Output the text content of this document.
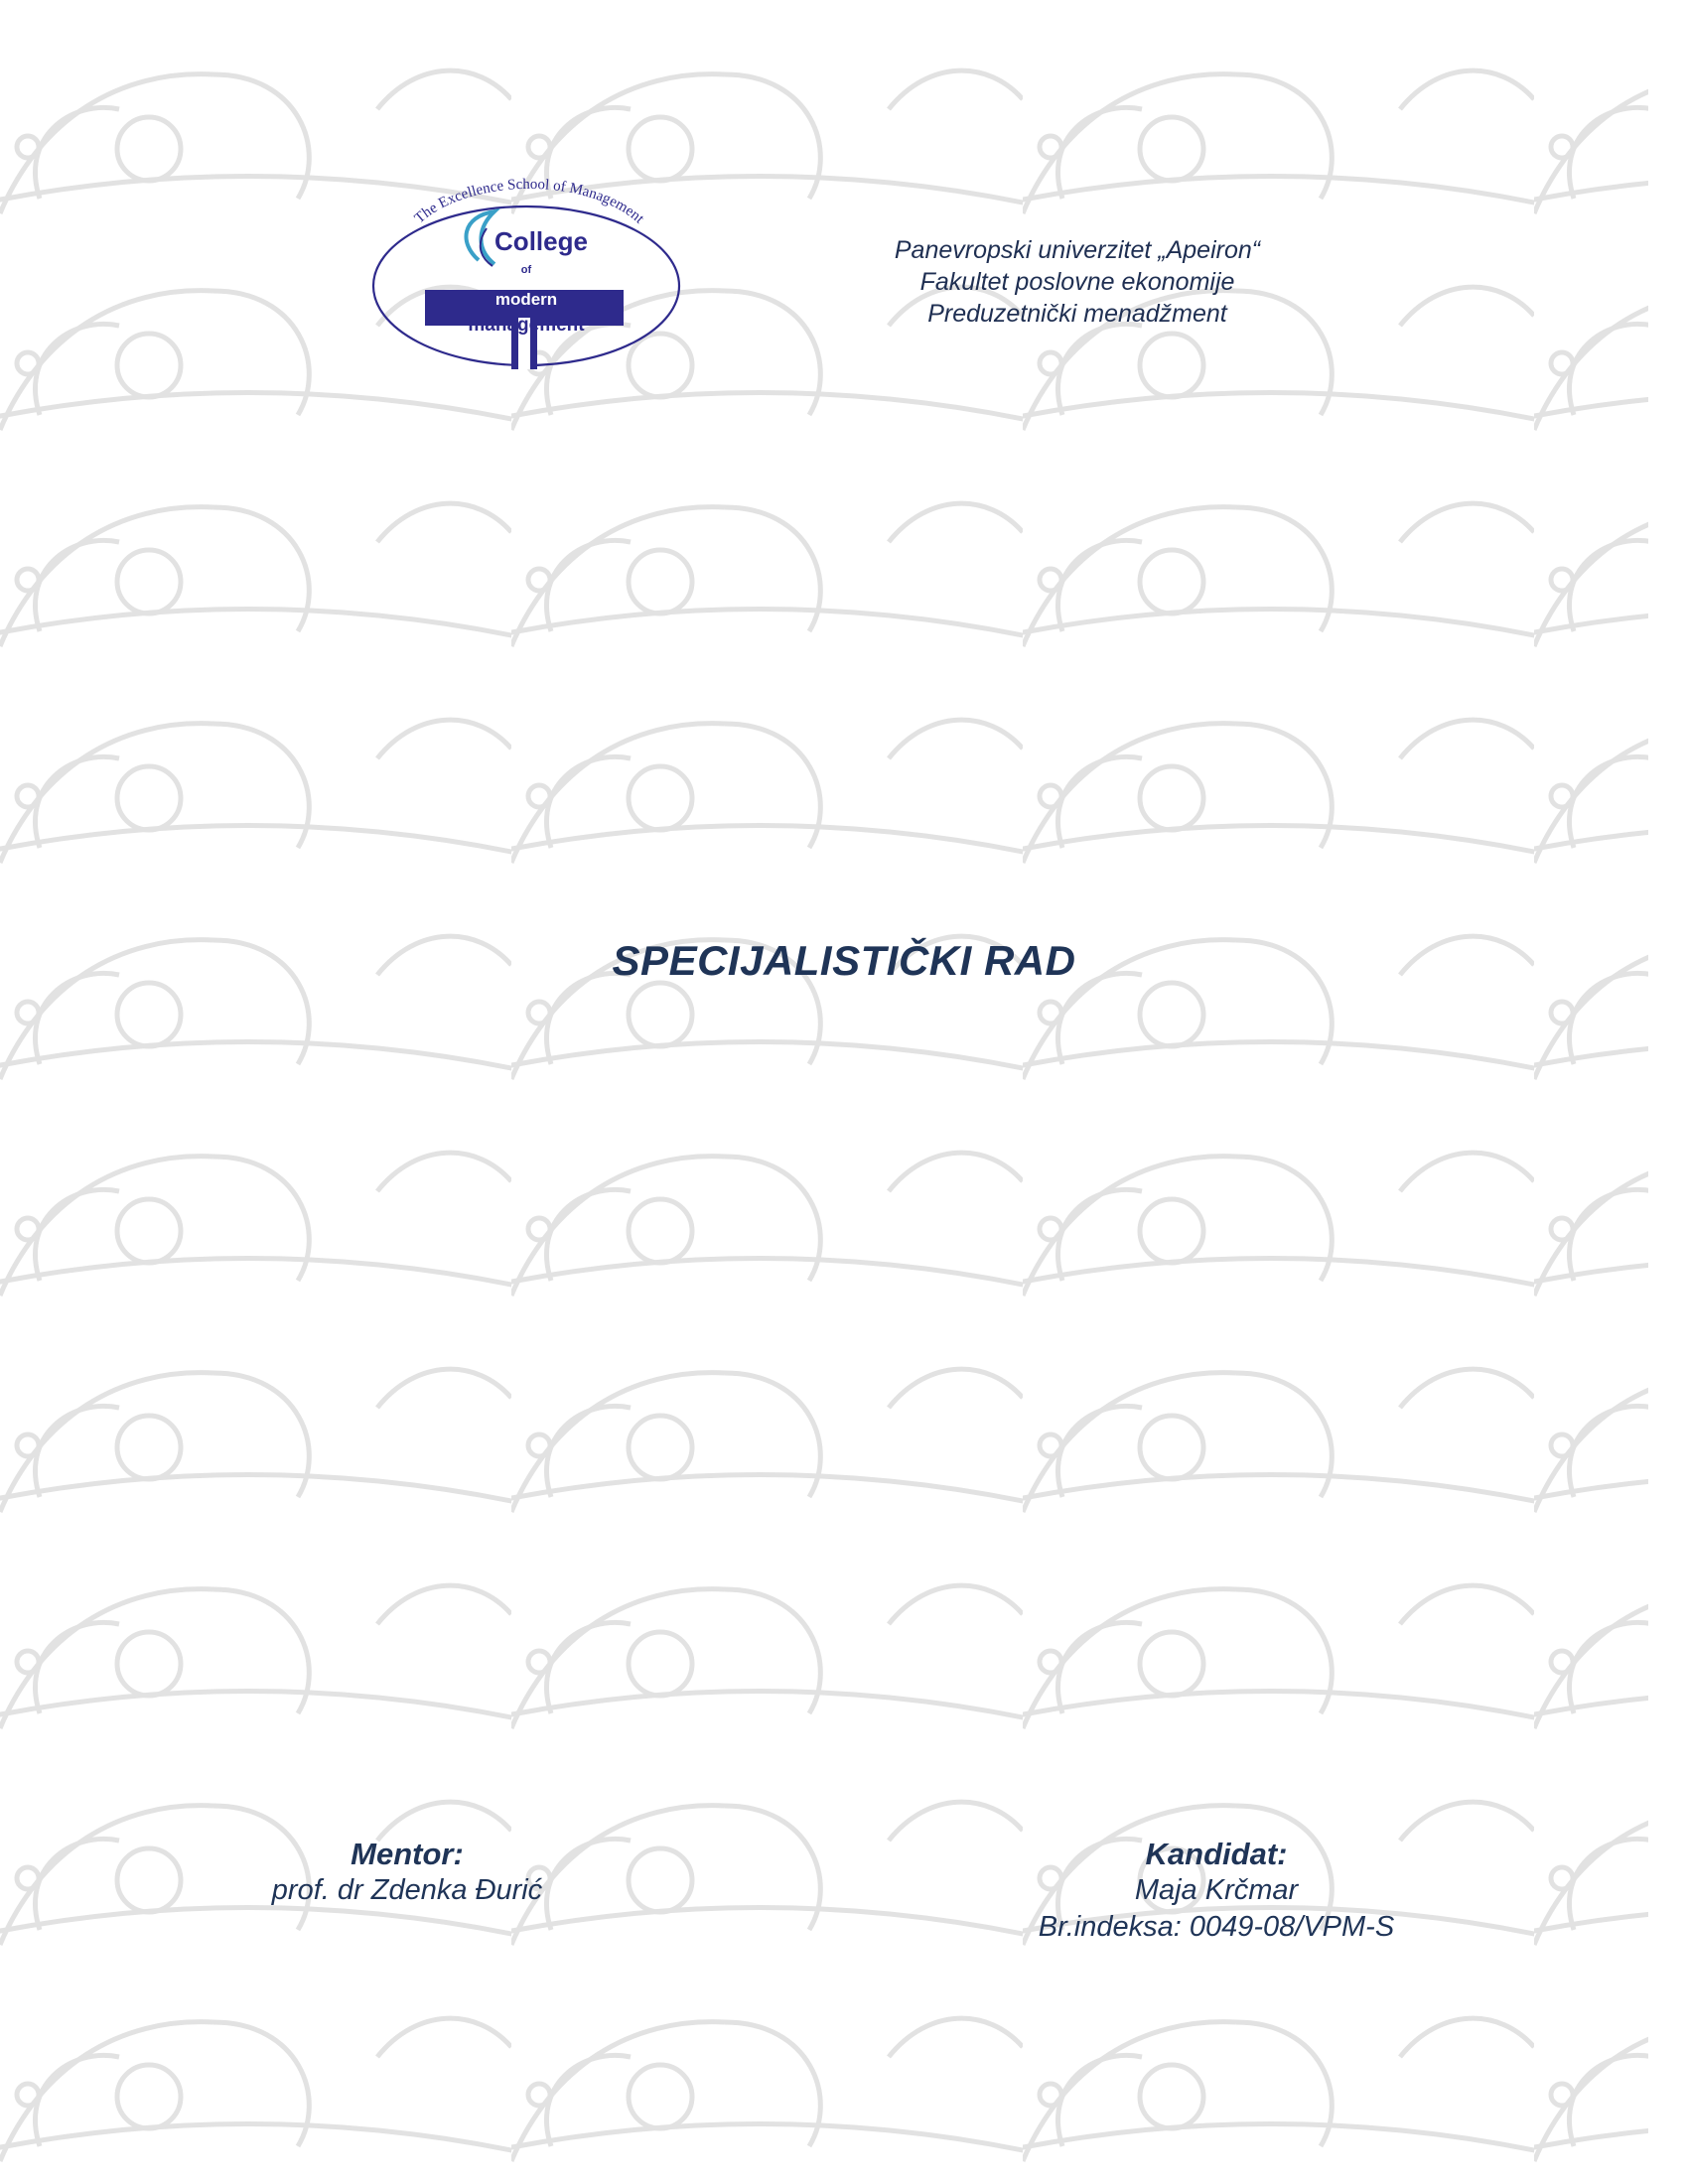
The Excellence School of Management
College
of
modern
management
Panevropski univerzitet „Apeiron“
Fakultet poslovne ekonomije
Preduzetnički menadžment
SPECIJALISTIČKI RAD
Mentor:
prof. dr Zdenka Đurić
Kandidat:
Maja Krčmar
Br.indeksa: 0049-08/VPM-S
